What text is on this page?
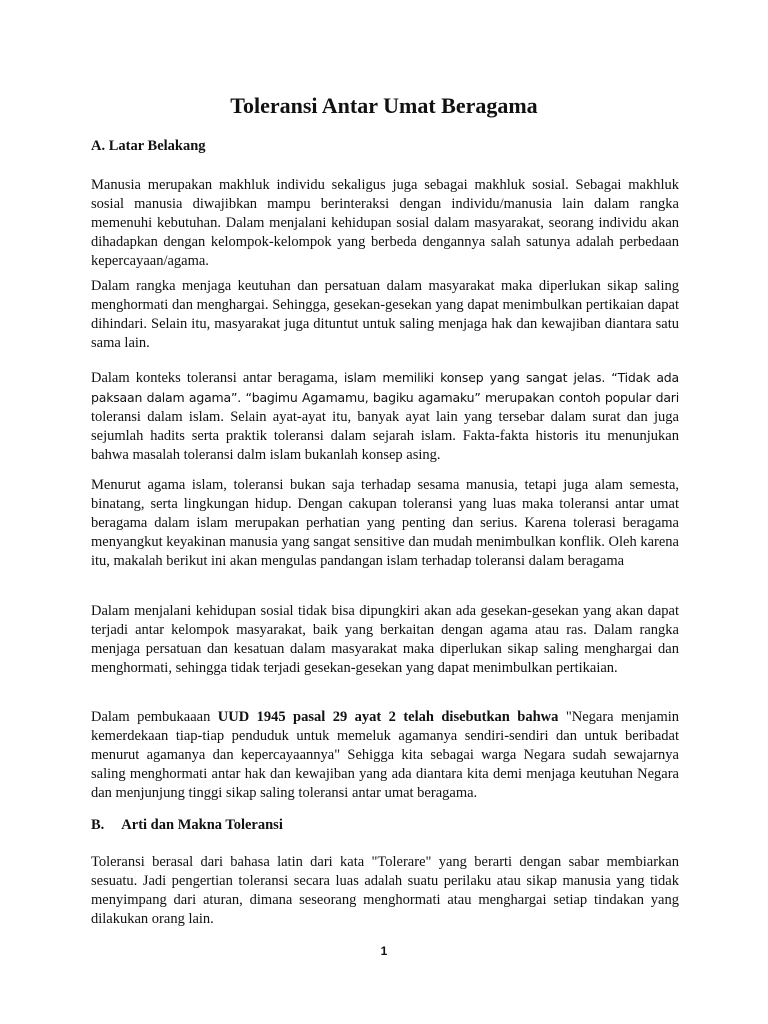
Toleransi Antar Umat Beragama

A. Latar Belakang

Manusia merupakan makhluk individu sekaligus juga sebagai makhluk sosial. Sebagai makhluk sosial manusia diwajibkan mampu berinteraksi dengan individu/manusia lain dalam rangka memenuhi kebutuhan. Dalam menjalani kehidupan sosial dalam masyarakat, seorang individu akan dihadapkan dengan kelompok-kelompok yang berbeda dengannya salah satunya adalah perbedaan kepercayaan/agama.

Dalam rangka menjaga keutuhan dan persatuan dalam masyarakat maka diperlukan sikap saling menghormati dan menghargai. Sehingga, gesekan-gesekan yang dapat menimbulkan pertikaian dapat dihindari. Selain itu, masyarakat juga dituntut untuk saling menjaga hak dan kewajiban diantara satu sama lain.

Dalam konteks toleransi antar beragama, islam memiliki konsep yang sangat jelas. “Tidak ada paksaan dalam agama”. “bagimu Agamamu, bagiku agamaku” merupakan contoh popular dari toleransi dalam islam. Selain ayat-ayat itu, banyak ayat lain yang tersebar dalam surat dan juga sejumlah hadits serta praktik toleransi dalam sejarah islam. Fakta-fakta historis itu menunjukan bahwa masalah toleransi dalm islam bukanlah konsep asing.

Menurut agama islam, toleransi bukan saja terhadap sesama manusia, tetapi juga alam semesta, binatang, serta lingkungan hidup. Dengan cakupan toleransi yang luas maka toleransi antar umat beragama dalam islam merupakan perhatian yang penting dan serius. Karena tolerasi beragama menyangkut keyakinan manusia yang sangat sensitive dan mudah menimbulkan konflik. Oleh karena itu, makalah berikut ini akan mengulas pandangan islam terhadap toleransi dalam beragama

Dalam menjalani kehidupan sosial tidak bisa dipungkiri akan ada gesekan-gesekan yang akan dapat terjadi antar kelompok masyarakat, baik yang berkaitan dengan agama atau ras. Dalam rangka menjaga persatuan dan kesatuan dalam masyarakat maka diperlukan sikap saling menghargai dan menghormati, sehingga tidak terjadi gesekan-gesekan yang dapat menimbulkan pertikaian.

Dalam pembukaaan UUD 1945 pasal 29 ayat 2 telah disebutkan bahwa "Negara menjamin kemerdekaan tiap-tiap penduduk untuk memeluk agamanya sendiri-sendiri dan untuk beribadat menurut agamanya dan kepercayaannya" Sehigga kita sebagai warga Negara sudah sewajarnya saling menghormati antar hak dan kewajiban yang ada diantara kita demi menjaga keutuhan Negara dan menjunjung tinggi sikap saling toleransi antar umat beragama.

B. Arti dan Makna Toleransi

Toleransi berasal dari bahasa latin dari kata "Tolerare" yang berarti dengan sabar membiarkan sesuatu. Jadi pengertian toleransi secara luas adalah suatu perilaku atau sikap manusia yang tidak menyimpang dari aturan, dimana seseorang menghormati atau menghargai setiap tindakan yang dilakukan orang lain.

1
